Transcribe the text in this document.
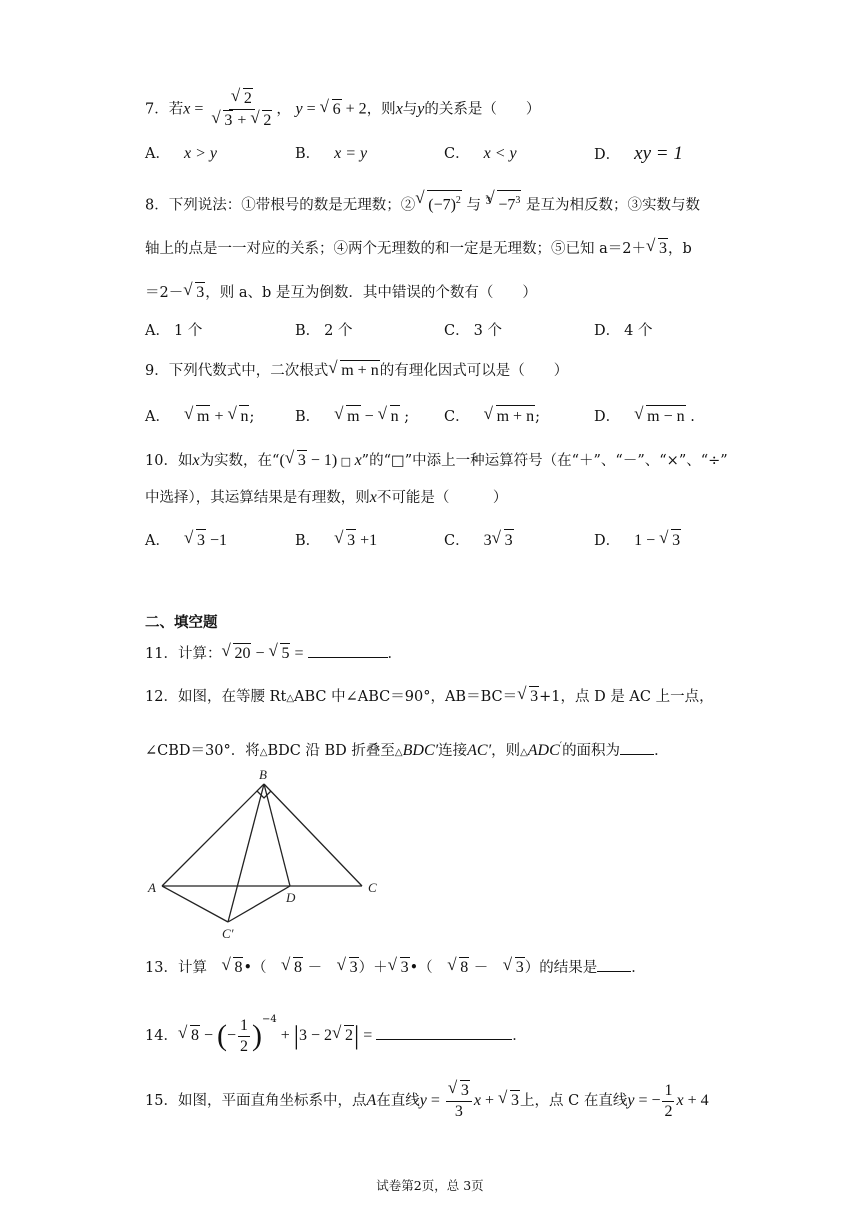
7．若x =
√ 2
√ 3 + √ 2 ， y = √ 6 + 2，则x与y的关系是（　　）
A． x > y	B． x = y	C． x < y	D． xy = 1
8．下列说法：①带根号的数是无理数；②√ $(-7)^2$ 与 $^3√ -7^3$ 是互为相反数；③实数与数
轴上的点是一一对应的关系；④两个无理数的和一定是无理数；⑤已知 a＝2＋√ 3，b
＝2－√ 3，则 a、b 是互为倒数．其中错误的个数有（　　）
A． 1 个	B． 2 个	C． 3 个	D． 4 个
9．下列代数式中，二次根式√ m + n的有理化因式可以是（　　）
A．√ m + √ n;	B．√ m − √ n ; C．√ m + n;	D．√ m − n .
10．如x为实数，在“(√ 3 − 1) □ x”的“□”中添上一种运算符号（在“＋”、“－”、“×”、“÷”
中选择），其运算结果是有理数，则x不可能是（　　　）
A．√ 3 −1	B．√ 3 +1	C． 3√ 3	D． 1 − √ 3
二、填空题
11．计算：√ 20 − √ 5 =	．
12．如图，在等腰 Rt△ABC 中∠ABC＝90°，AB＝BC＝√ 3+1，点 D 是 AC 上一点，
∠CBD＝30°．将△BDC 沿 BD 折叠至△BDC′连接AC′，则△ADC′的面积为 ．
B
A
D
C
C′
13．计算　√ 8•（　√ 8 －　√ 3）＋√ 3•（　√ 8 －　√ 3）的结果是 ．
14．√ 8 − (− $\frac{1}{2} )^{-4} + |3 - 2√$ 2| =	．
15．如图，平面直角坐标系中，点A在直线y =
√ $\frac{3}{3}$ x + √ 3上，点 C 在直线y = − $\frac{1}{2}$ x + 4
试卷第2页，总 3页
